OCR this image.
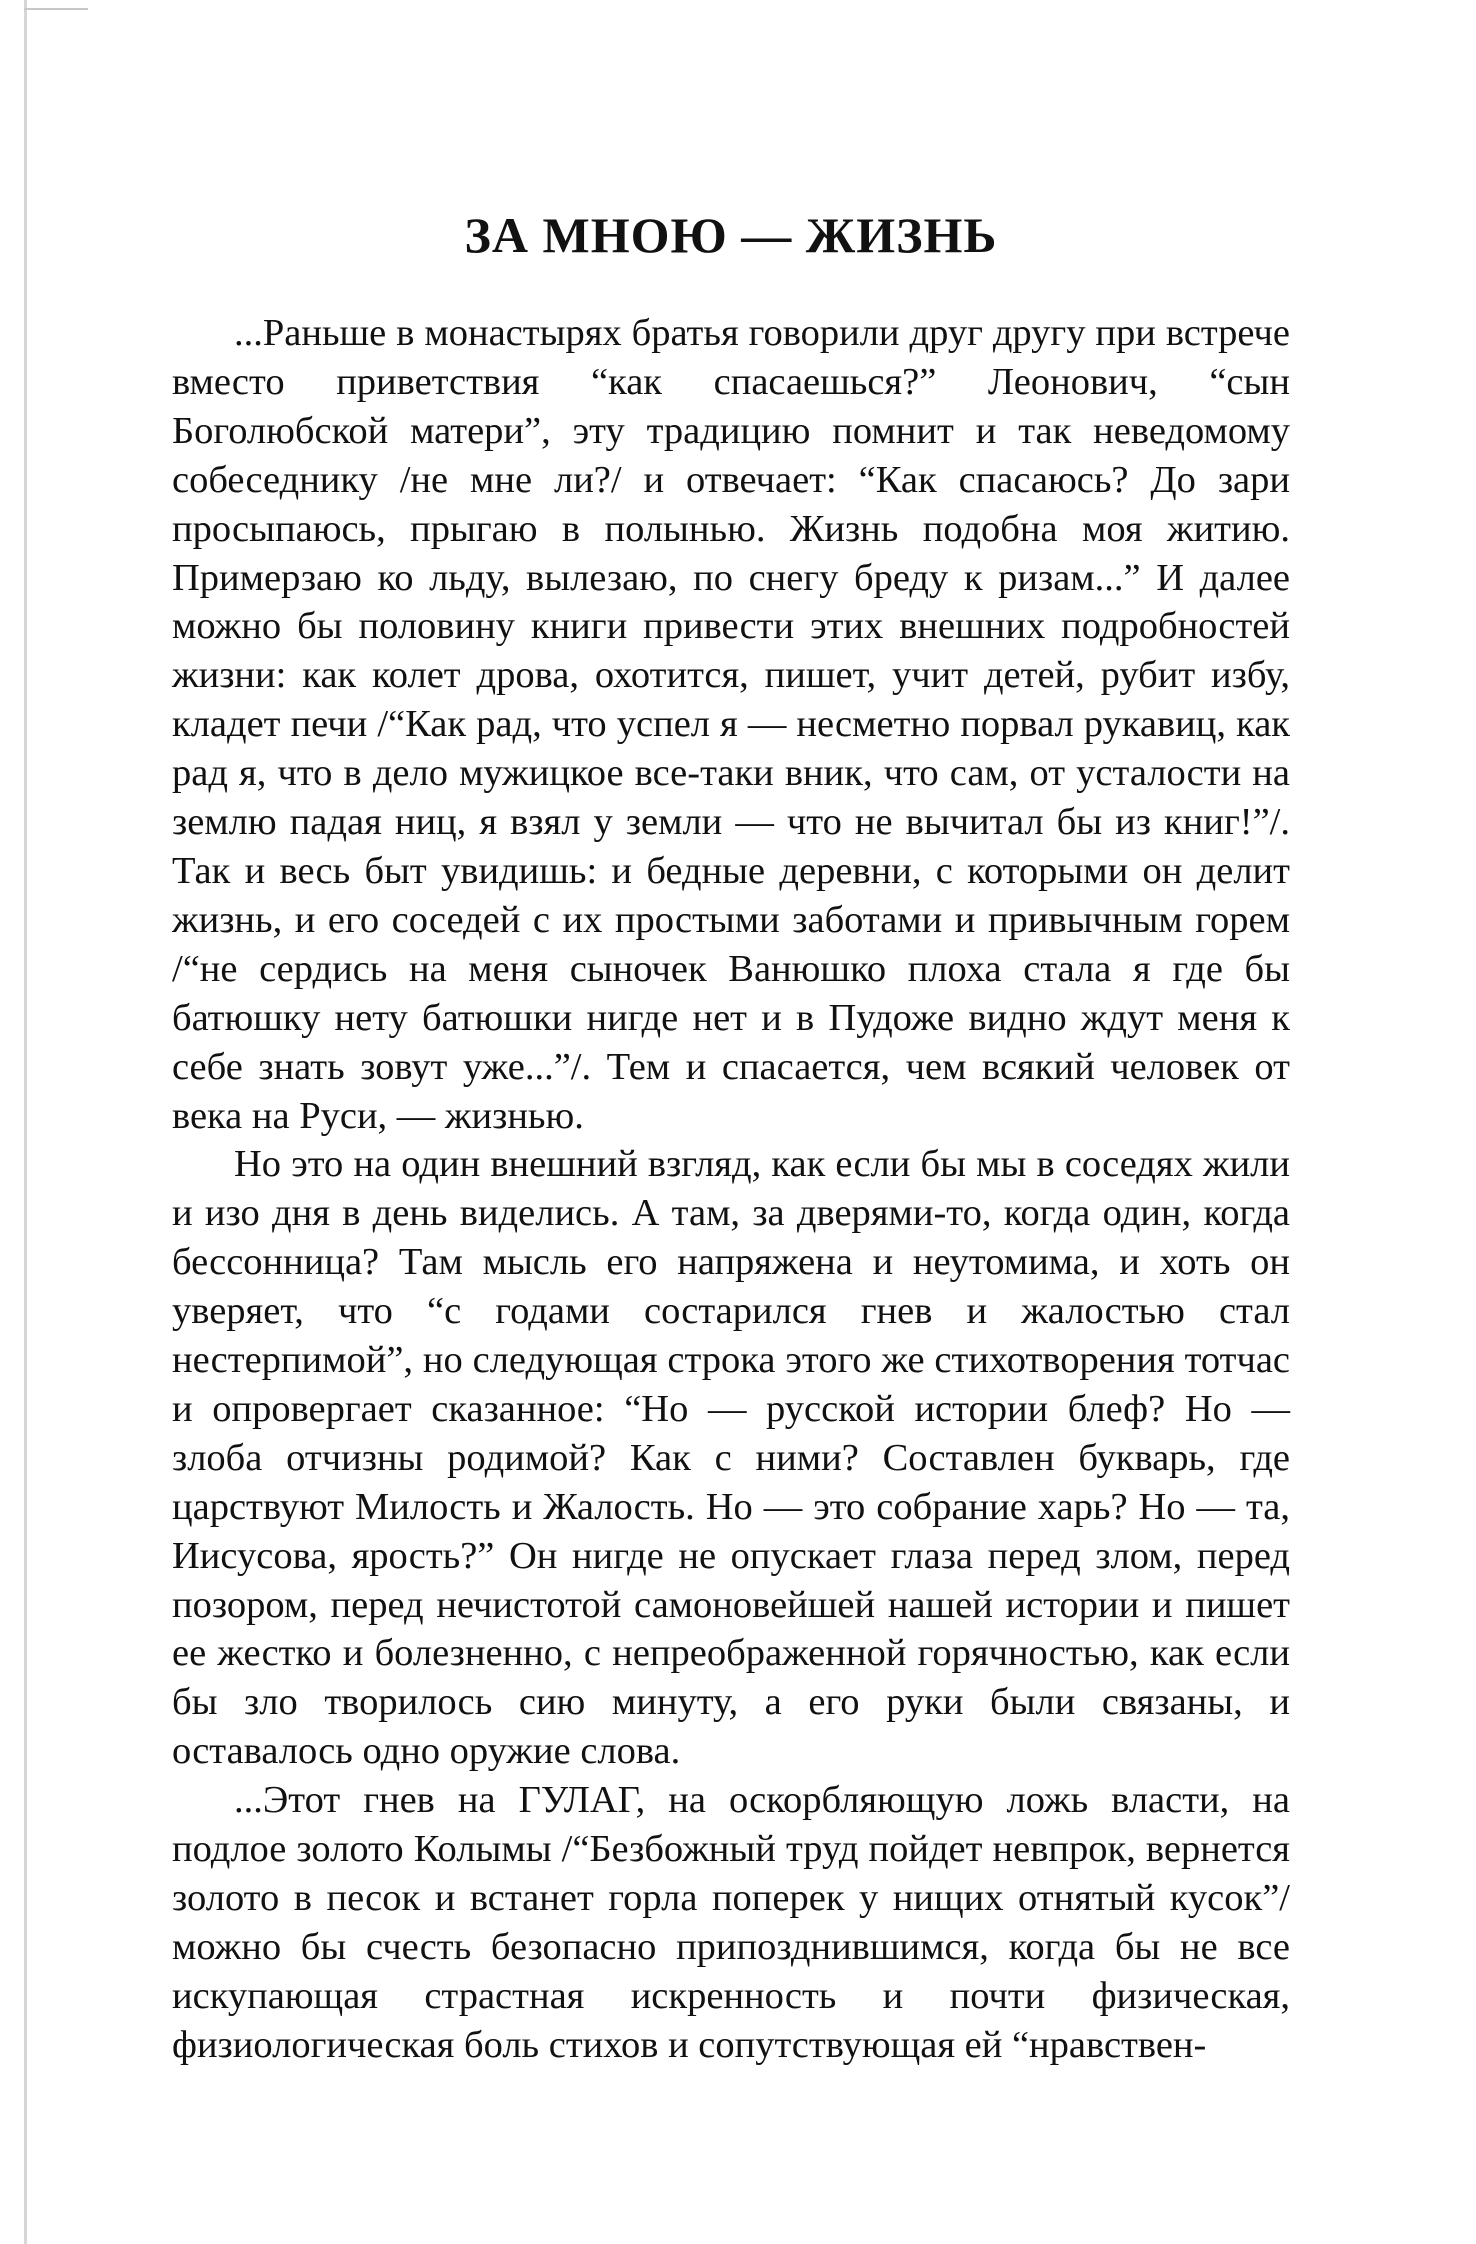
ЗА МНОЮ — ЖИЗНЬ

...Раньше в монастырях братья говорили друг другу при встрече вместо приветствия “как спасаешься?” Леонович, “сын Боголюбской матери”, эту традицию помнит и так неведомому собеседнику /не мне ли?/ и отвечает: “Как спасаюсь? До зари просыпаюсь, прыгаю в полынью. Жизнь подобна моя житию. Примерзаю ко льду, вылезаю, по снегу бреду к ризам...” И далее можно бы половину книги привести этих внешних подробностей жизни: как колет дрова, охотится, пишет, учит детей, рубит избу, кладет печи /“Как рад, что успел я — несметно порвал рукавиц, как рад я, что в дело мужицкое все-таки вник, что сам, от усталости на землю падая ниц, я взял у земли — что не вычитал бы из книг!”/. Так и весь быт увидишь: и бедные деревни, с которыми он делит жизнь, и его соседей с их простыми заботами и привычным горем /“не сердись на меня сыночек Ванюшко плоха стала я где бы батюшку нету батюшки нигде нет и в Пудоже видно ждут меня к себе знать зовут уже...”/. Тем и спасается, чем всякий человек от века на Руси, — жизнью.

Но это на один внешний взгляд, как если бы мы в соседях жили и изо дня в день виделись. А там, за дверями-то, когда один, когда бессонница? Там мысль его напряжена и неутомима, и хоть он уверяет, что “с годами состарился гнев и жалостью стал нестерпимой”, но следующая строка этого же стихотворения тотчас и опровергает сказанное: “Но — русской истории блеф? Но — злоба отчизны родимой? Как с ними? Составлен букварь, где царствуют Милость и Жалость. Но — это собрание харь? Но — та, Иисусова, ярость?” Он нигде не опускает глаза перед злом, перед позором, перед нечистотой самоновейшей нашей истории и пишет ее жестко и болезненно, с непреображенной горячностью, как если бы зло творилось сию минуту, а его руки были связаны, и оставалось одно оружие слова.

...Этот гнев на ГУЛАГ, на оскорбляющую ложь власти, на подлое золото Колымы /“Безбожный труд пойдет невпрок, вернется золото в песок и встанет горла поперек у нищих отнятый кусок”/ можно бы счесть безопасно припозднившимся, когда бы не все искупающая страстная искренность и почти физическая, физиологическая боль стихов и сопутствующая ей “нравствен-
